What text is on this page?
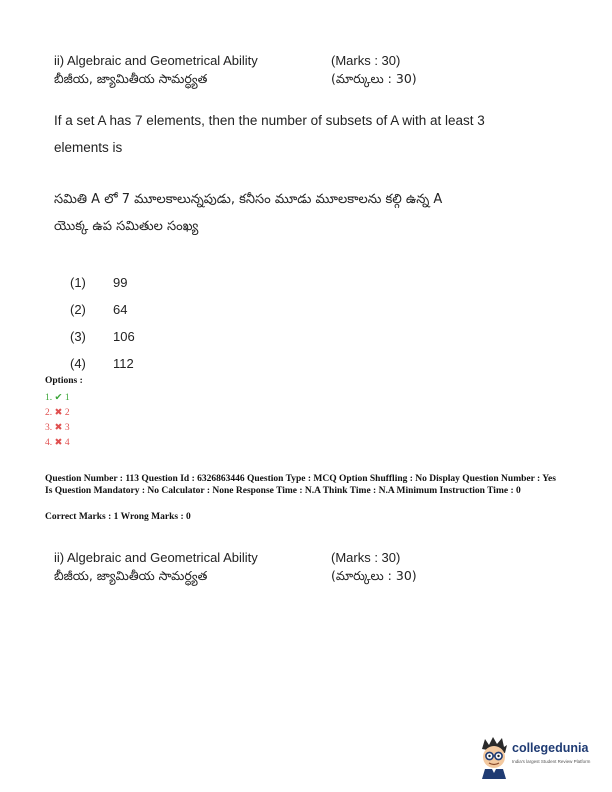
ii) Algebraic and Geometrical Ability	(Marks : 30)
బీజీయ, జ్యామితీయ సామర్ధ్యత	(మార్కులు : 30)
If a set A has 7 elements, then the number of subsets of A with at least 3
elements is
సమితి A లో 7 మూలకాలున్నపుడు, కనీసం మూడు మూలకాలను కల్గి ఉన్న A
యొక్క ఉప సమితుల సంఖ్య
(1) 99
(2) 64
(3) 106
(4) 112
Options :
1. ✔ 1
2. ✖ 2
3. ✖ 3
4. ✖ 4
Question Number : 113 Question Id : 6326863446 Question Type : MCQ Option Shuffling : No Display Question Number : Yes Is Question Mandatory : No Calculator : None Response Time : N.A Think Time : N.A Minimum Instruction Time : 0
Correct Marks : 1 Wrong Marks : 0
ii) Algebraic and Geometrical Ability	(Marks : 30)
బీజీయ, జ్యామితీయ సామర్ధ్యత	(మార్కులు : 30)
collegedunia
India's largest Student Review Platform
